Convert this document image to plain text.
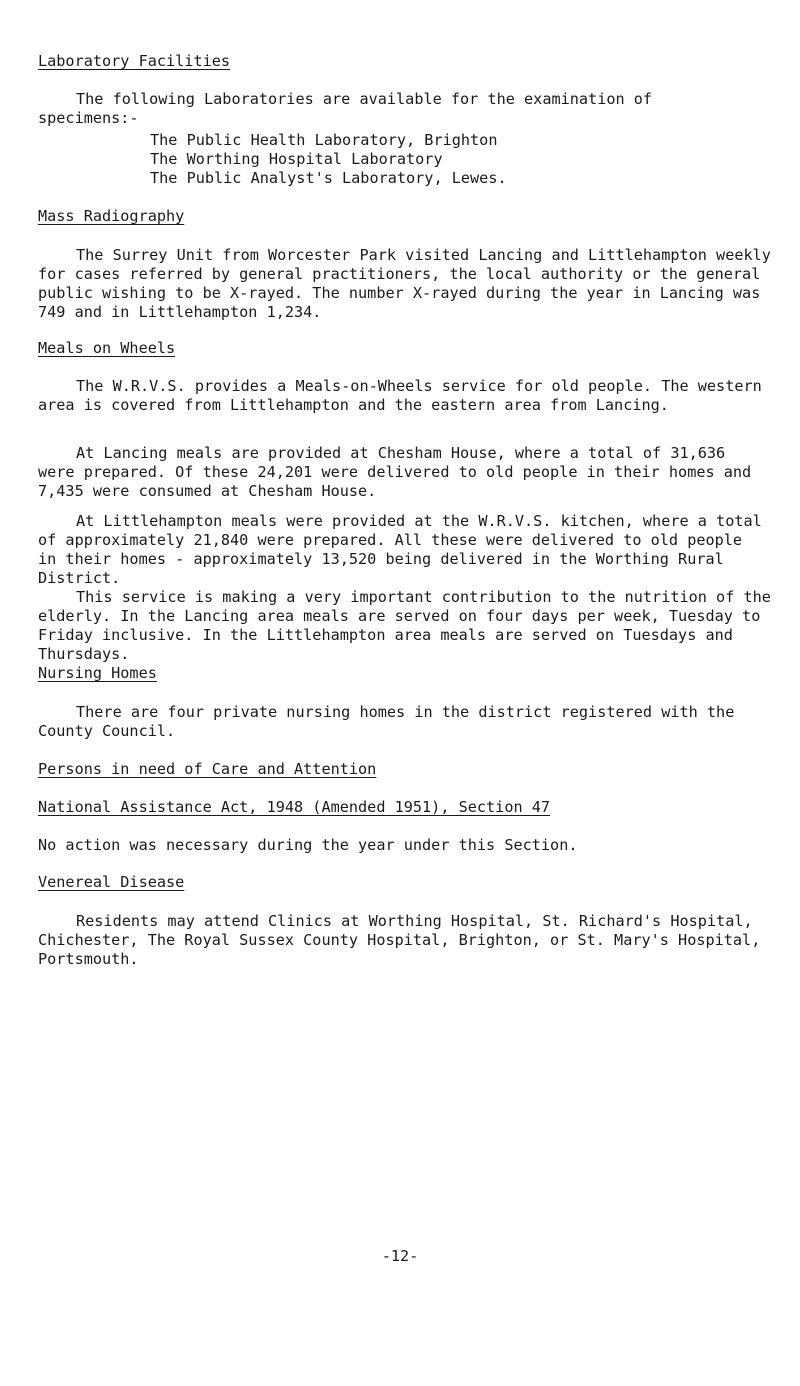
Laboratory Facilities
The following Laboratories are available for the examination of specimens:-
The Public Health Laboratory, Brighton
The Worthing Hospital Laboratory
The Public Analyst's Laboratory, Lewes.
Mass Radiography
The Surrey Unit from Worcester Park visited Lancing and Littlehampton weekly for cases referred by general practitioners, the local authority or the general public wishing to be X-rayed. The number X-rayed during the year in Lancing was 749 and in Littlehampton 1,234.
Meals on Wheels
The W.R.V.S. provides a Meals-on-Wheels service for old people. The western area is covered from Littlehampton and the eastern area from Lancing.
At Lancing meals are provided at Chesham House, where a total of 31,636 were prepared. Of these 24,201 were delivered to old people in their homes and 7,435 were consumed at Chesham House.
At Littlehampton meals were provided at the W.R.V.S. kitchen, where a total of approximately 21,840 were prepared. All these were delivered to old people in their homes - approximately 13,520 being delivered in the Worthing Rural District.
This service is making a very important contribution to the nutrition of the elderly. In the Lancing area meals are served on four days per week, Tuesday to Friday inclusive. In the Littlehampton area meals are served on Tuesdays and Thursdays.
Nursing Homes
There are four private nursing homes in the district registered with the County Council.
Persons in need of Care and Attention
National Assistance Act, 1948 (Amended 1951), Section 47
No action was necessary during the year under this Section.
Venereal Disease
Residents may attend Clinics at Worthing Hospital, St. Richard's Hospital, Chichester, The Royal Sussex County Hospital, Brighton, or St. Mary's Hospital, Portsmouth.
-12-
